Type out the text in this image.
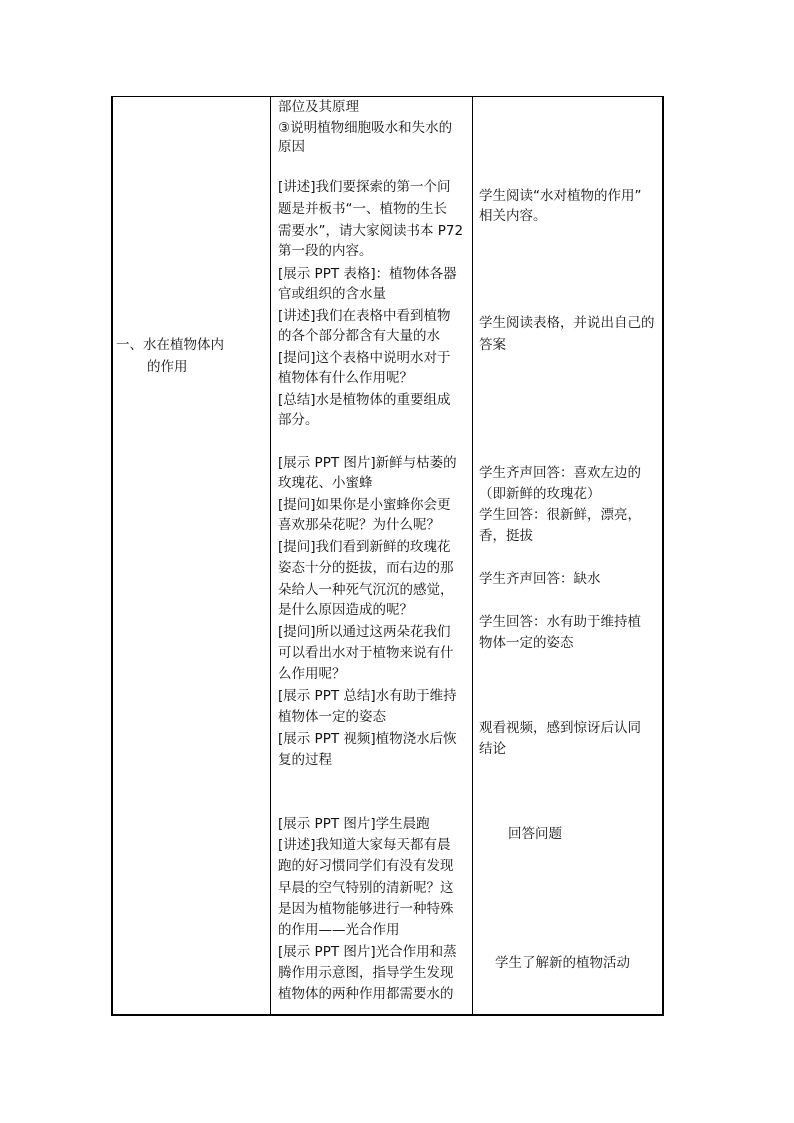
一、水在植物体内
的作用
部位及其原理
③说明植物细胞吸水和失水的
原因
[讲述]我们要探索的第一个问
题是并板书“一、植物的生长
需要水”，请大家阅读书本 P72
第一段的内容。
[展示 PPT 表格]：植物体各器
官或组织的含水量
[讲述]我们在表格中看到植物
的各个部分都含有大量的水
[提问]这个表格中说明水对于
植物体有什么作用呢？
[总结]水是植物体的重要组成
部分。
[展示 PPT 图片]新鲜与枯萎的
玫瑰花、小蜜蜂
[提问]如果你是小蜜蜂你会更
喜欢那朵花呢？为什么呢？
[提问]我们看到新鲜的玫瑰花
姿态十分的挺拔，而右边的那
朵给人一种死气沉沉的感觉，
是什么原因造成的呢？
[提问]所以通过这两朵花我们
可以看出水对于植物来说有什
么作用呢？
[展示 PPT 总结]水有助于维持
植物体一定的姿态
[展示 PPT 视频]植物浇水后恢
复的过程
[展示 PPT 图片]学生晨跑
[讲述]我知道大家每天都有晨
跑的好习惯同学们有没有发现
早晨的空气特别的清新呢？这
是因为植物能够进行一种特殊
的作用——光合作用
[展示 PPT 图片]光合作用和蒸
腾作用示意图，指导学生发现
植物体的两种作用都需要水的
学生阅读“水对植物的作用”
相关内容。
学生阅读表格，并说出自己的
答案
学生齐声回答：喜欢左边的
（即新鲜的玫瑰花）
学生回答：很新鲜，漂亮，
香，挺拔
学生齐声回答：缺水
学生回答：水有助于维持植
物体一定的姿态
观看视频，感到惊讶后认同
结论
回答问题
学生了解新的植物活动
